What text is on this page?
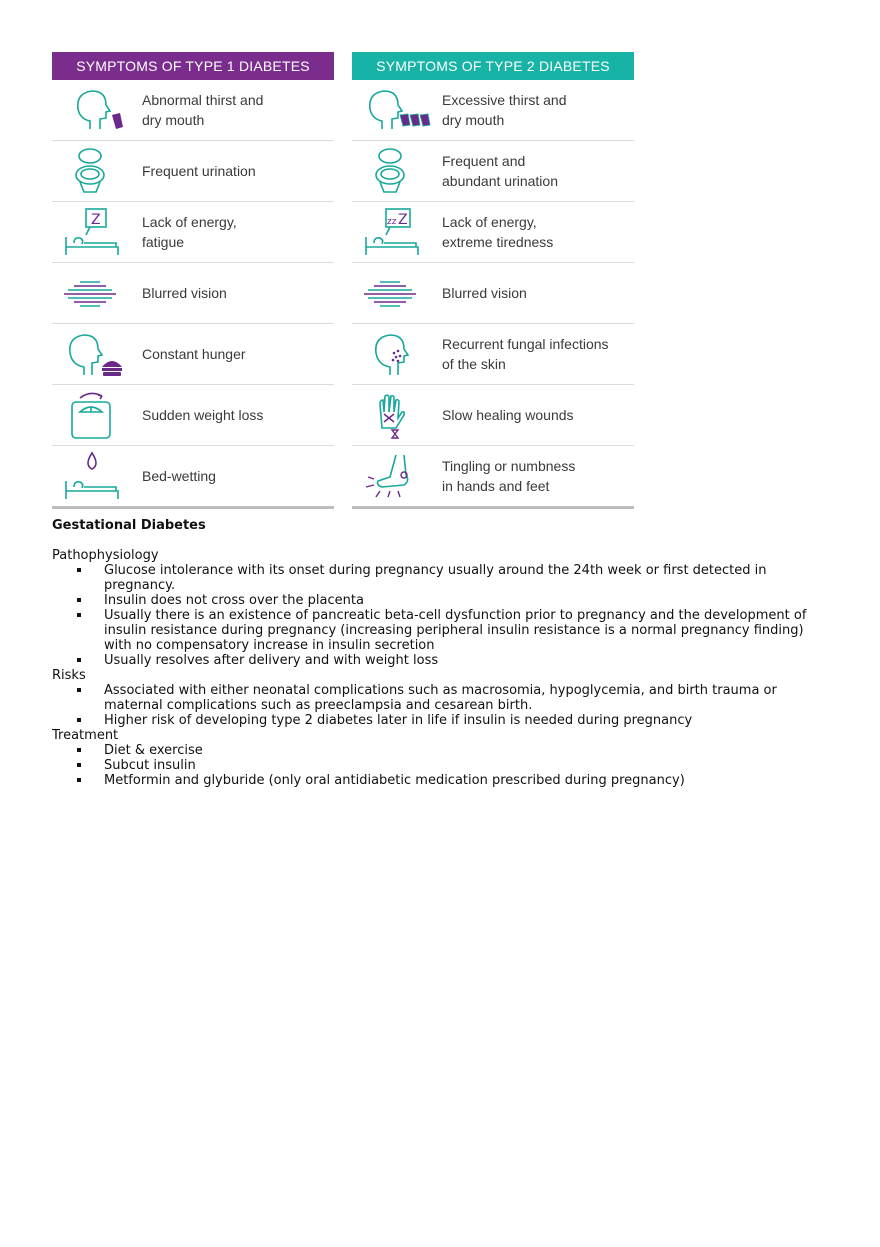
SYMPTOMS OF TYPE 1 DIABETES
Abnormal thirst and
dry mouth
Frequent urination
Z	Lack of energy,
fatigue
Blurred vision
Constant hunger
Sudden weight loss
Bed-wetting
SYMPTOMS OF TYPE 2 DIABETES
Excessive thirst and
dry mouth
Frequent and
abundant urination
zz Z Lack of energy,
extreme tiredness
Blurred vision
Recurrent fungal infections
of the skin
Slow healing wounds
Tingling or numbness
in hands and feet
Gestational Diabetes
Pathophysiology
Glucose intolerance with its onset during pregnancy usually around the 24th week or first detected in pregnancy.
Insulin does not cross over the placenta
Usually there is an existence of pancreatic beta-cell dysfunction prior to pregnancy and the development of insulin resistance during pregnancy (increasing peripheral insulin resistance is a normal pregnancy finding) with no compensatory increase in insulin secretion
Usually resolves after delivery and with weight loss
Risks
Associated with either neonatal complications such as macrosomia, hypoglycemia, and birth trauma or maternal complications such as preeclampsia and cesarean birth.
Higher risk of developing type 2 diabetes later in life if insulin is needed during pregnancy
Treatment
Diet & exercise
Subcut insulin
Metformin and glyburide (only oral antidiabetic medication prescribed during pregnancy)
